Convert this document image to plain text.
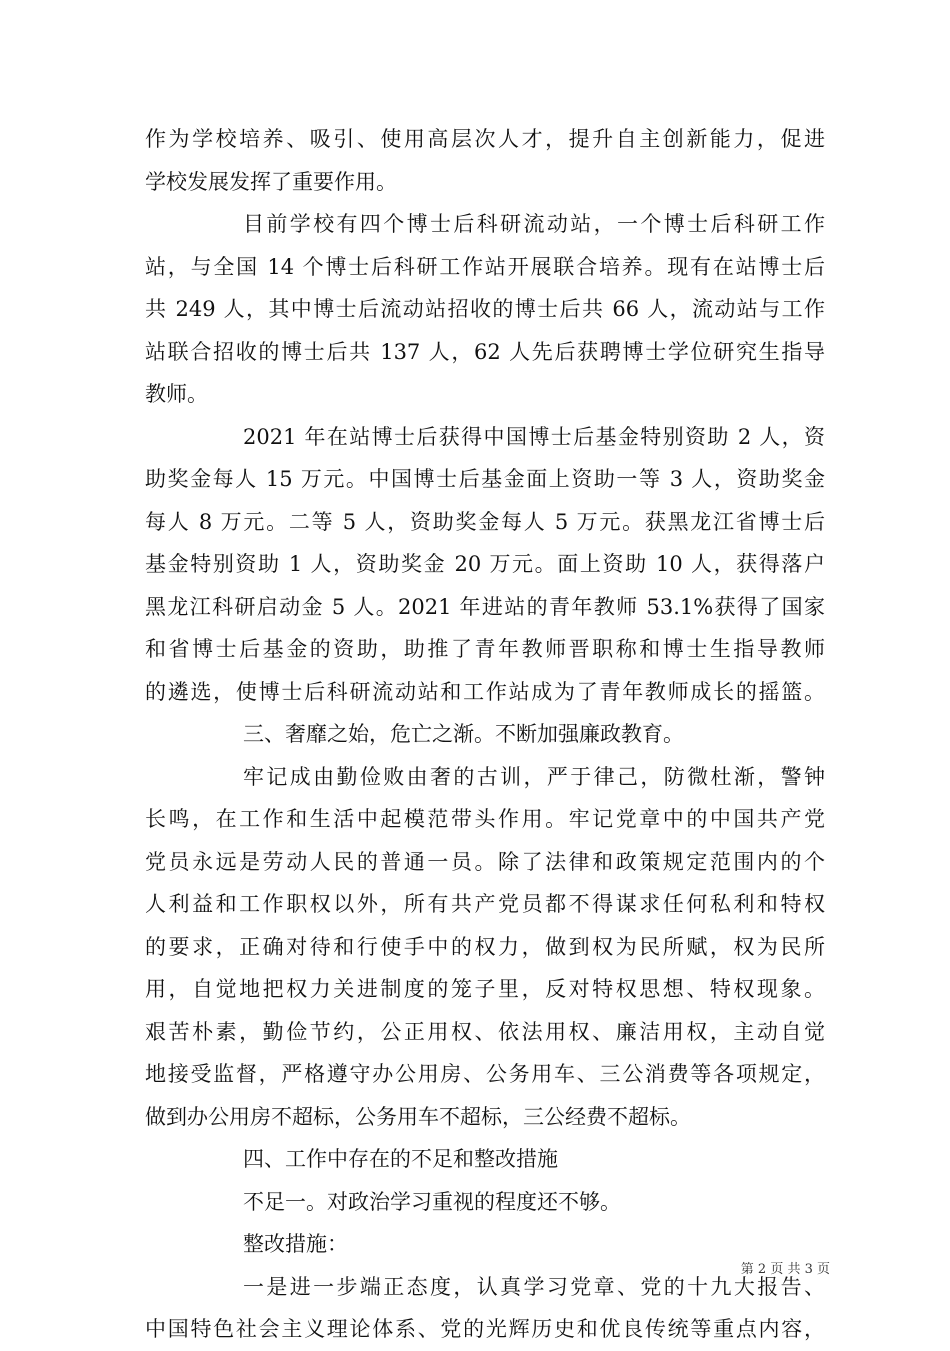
作为学校培养、吸引、使用高层次人才，提升自主创新能力，促进
学校发展发挥了重要作用。
目前学校有四个博士后科研流动站，一个博士后科研工作
站，与全国 14 个博士后科研工作站开展联合培养。现有在站博士后
共 249 人，其中博士后流动站招收的博士后共 66 人，流动站与工作
站联合招收的博士后共 137 人，62 人先后获聘博士学位研究生指导
教师。
2021 年在站博士后获得中国博士后基金特别资助 2 人，资
助奖金每人 15 万元。中国博士后基金面上资助一等 3 人，资助奖金
每人 8 万元。二等 5 人，资助奖金每人 5 万元。获黑龙江省博士后
基金特别资助 1 人，资助奖金 20 万元。面上资助 10 人，获得落户
黑龙江科研启动金 5 人。2021 年进站的青年教师 53.1%获得了国家
和省博士后基金的资助，助推了青年教师晋职称和博士生指导教师
的遴选，使博士后科研流动站和工作站成为了青年教师成长的摇篮。
三、奢靡之始，危亡之渐。不断加强廉政教育。
牢记成由勤俭败由奢的古训，严于律己，防微杜渐，警钟
长鸣，在工作和生活中起模范带头作用。牢记党章中的中国共产党
党员永远是劳动人民的普通一员。除了法律和政策规定范围内的个
人利益和工作职权以外，所有共产党员都不得谋求任何私利和特权
的要求，正确对待和行使手中的权力，做到权为民所赋，权为民所
用，自觉地把权力关进制度的笼子里，反对特权思想、特权现象。
艰苦朴素，勤俭节约，公正用权、依法用权、廉洁用权，主动自觉
地接受监督，严格遵守办公用房、公务用车、三公消费等各项规定，
做到办公用房不超标，公务用车不超标，三公经费不超标。
四、工作中存在的不足和整改措施
不足一。对政治学习重视的程度还不够。
整改措施：
一是进一步端正态度，认真学习党章、党的十九大报告、
中国特色社会主义理论体系、党的光辉历史和优良传统等重点内容，
第 2 页 共 3 页
